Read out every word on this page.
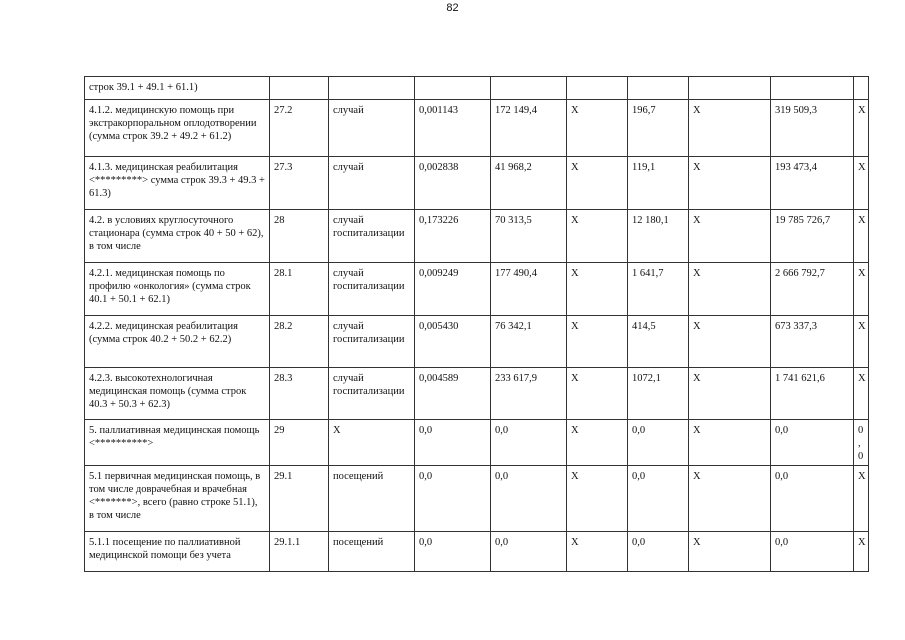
82
строк 39.1 + 49.1 + 61.1)									
4.1.2. медицинскую помощь при экстракорпоральном оплодотворении (сумма строк 39.2 + 49.2 + 61.2)	27.2	случай	0,001143	172 149,4	X	196,7	X	319 509,3	X
4.1.3. медицинская реабилитация <*********> сумма строк 39.3 + 49.3 + 61.3)	27.3	случай	0,002838	41 968,2	X	119,1	X	193 473,4	X
4.2. в условиях круглосуточного стационара (сумма строк 40 + 50 + 62), в том числе	28	случай госпитализации	0,173226	70 313,5	X	12 180,1	X	19 785 726,7	X
4.2.1. медицинская помощь по профилю «онкология» (сумма строк 40.1 + 50.1 + 62.1)	28.1	случай госпитализации	0,009249	177 490,4	X	1 641,7	X	2 666 792,7	X
4.2.2. медицинская реабилитация (сумма строк 40.2 + 50.2 + 62.2)	28.2	случай госпитализации	0,005430	76 342,1	X	414,5	X	673 337,3	X
4.2.3. высокотехнологичная медицинская помощь (сумма строк 40.3 + 50.3 + 62.3)	28.3	случай госпитализации	0,004589	233 617,9	X	1072,1	X	1 741 621,6	X
5. паллиативная медицинская помощь <**********>	29	X	0,0	0,0	X	0,0	X	0,0	0,0
5.1 первичная медицинская помощь, в том числе доврачебная и врачебная <*******>, всего (равно строке 51.1), в том числе	29.1	посещений	0,0	0,0	X	0,0	X	0,0	X
5.1.1 посещение по паллиативной медицинской помощи без учета	29.1.1	посещений	0,0	0,0	X	0,0	X	0,0	X
